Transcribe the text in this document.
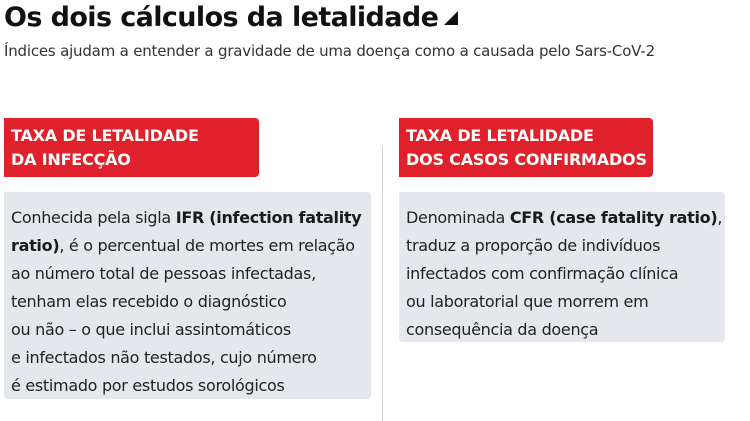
Os dois cálculos da letalidade
Índices ajudam a entender a gravidade de uma doença como a causada pelo Sars-CoV-2
TAXA DE LETALIDADE
DA INFECÇÃO
Conhecida pela sigla IFR (infection fatality
ratio), é o percentual de mortes em relação
ao número total de pessoas infectadas,
tenham elas recebido o diagnóstico
ou não – o que inclui assintomáticos
e infectados não testados, cujo número
é estimado por estudos sorológicos
TAXA DE LETALIDADE
DOS CASOS CONFIRMADOS
Denominada CFR (case fatality ratio),
traduz a proporção de indivíduos
infectados com confirmação clínica
ou laboratorial que morrem em
consequência da doença
